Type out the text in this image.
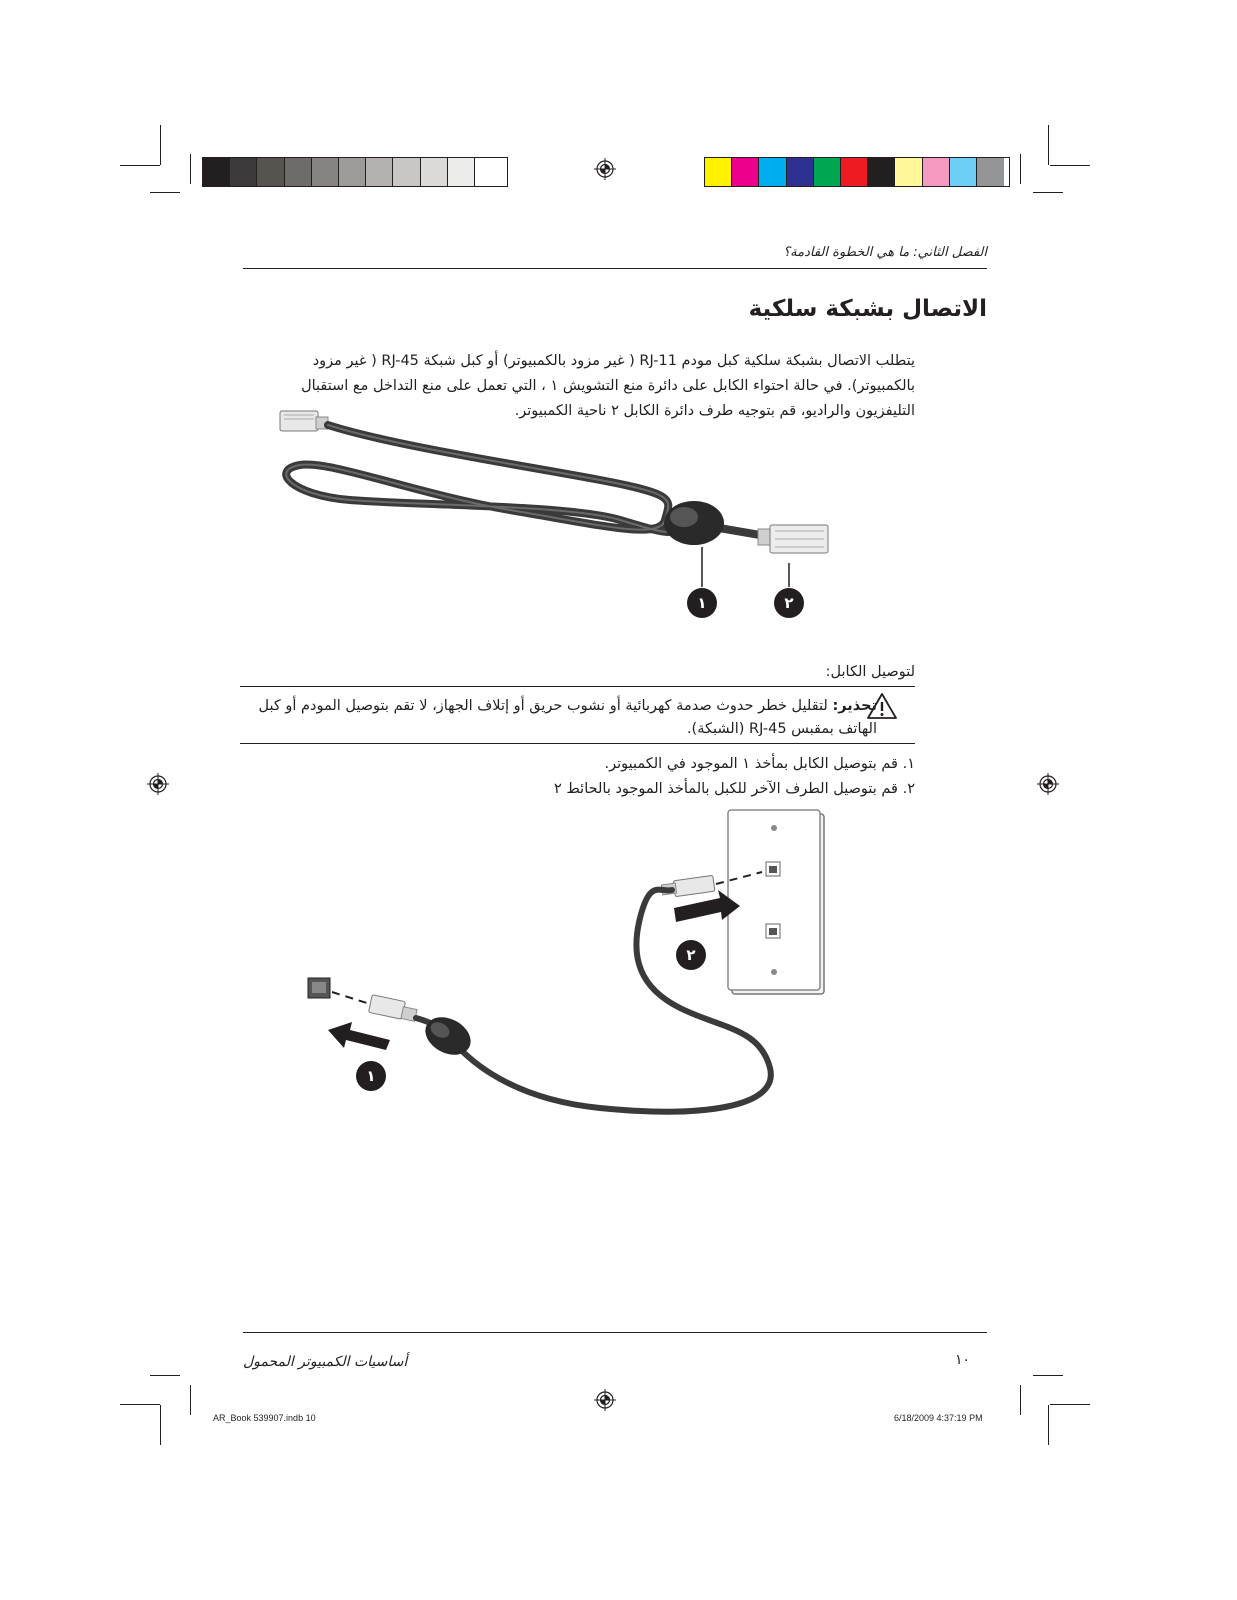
الفصل الثاني: ما هي الخطوة القادمة؟
الاتصال بشبكة سلكية
يتطلب الاتصال بشبكة سلكية كبل مودم RJ-11 ( غير مزود بالكمبيوتر) أو كبل شبكة RJ-45 ( غير مزود بالكمبيوتر). في حالة احتواء الكابل على دائرة منع التشويش ١ ، التي تعمل على منع التداخل مع استقبال التليفزيون والراديو، قم بتوجيه طرف دائرة الكابل ٢ ناحية الكمبيوتر.
١	٢
لتوصيل الكابل:
تحذير: لتقليل خطر حدوث صدمة كهربائية أو نشوب حريق أو إتلاف الجهاز، لا تقم بتوصيل المودم أو كبل الهاتف بمقبس RJ-45 (الشبكة).
١. قم بتوصيل الكابل بمأخذ ١ الموجود في الكمبيوتر.
٢. قم بتوصيل الطرف الآخر للكبل بالمأخذ الموجود بالحائط ٢
٢
١
أساسيات الكمبيوتر المحمول	١٠
AR_Book 539907.indb 10	6/18/2009 4:37:19 PM
